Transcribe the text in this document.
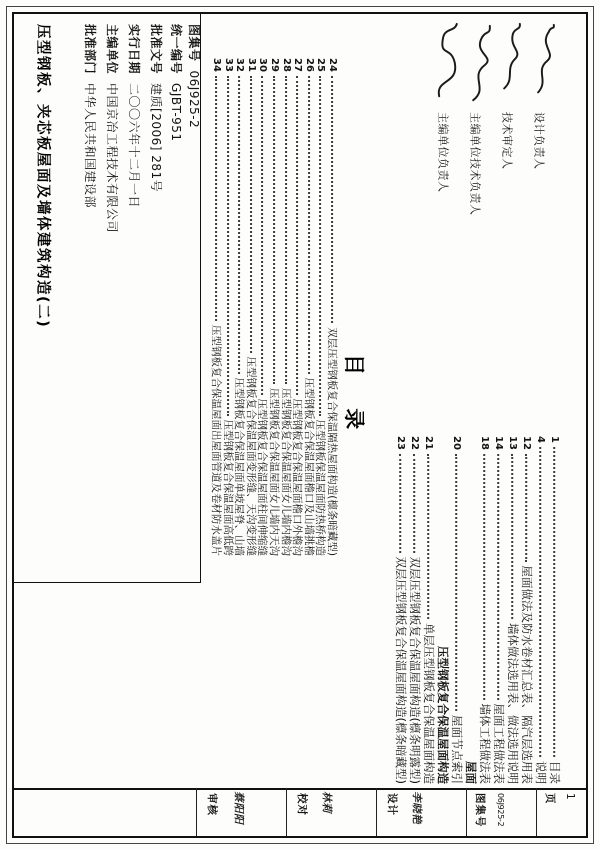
压型钢板、夹芯板屋面及墙体建筑构造(二)	批准部门中华人民共和国建设部
主编单位中国京冶工程技术有限公司
实行日期二〇〇六年十二月一日
批准文号建质[2006] 281号
统一编号GJBT-951
图集号06J925-2
主编单位负责人 主编单位技术负责人 技术审定人 设计负责人
目 录
24
双层压型钢板复合保温隔热屋面构造(檩条暗藏型)
25
压型钢板保温屋面防热桥构造
26
压型钢板复合保温屋面檐口及山墙挑檐
27
压型钢板复合保温屋面檐口外檐沟
28
压型钢板复合保温屋面女儿墙内檐沟
29
压型钢板复合保温屋面女儿墙内天沟
30
压型钢板复合保温屋面柱间伸缩缝
31
压型钢板复合保温屋面变形缝、天沟变形缝
32
压型钢板复合保温屋面单坡屋脊、山墙
33
压型钢板复合保温屋面高低跨
34
压型钢板复合保温屋面出屋面管道及卷材防水盖片	1
目录
4
说明
12
屋面做法及防水卷材汇总表、隔汽层选用表
13
墙体做法选用表、做法选用说明
14
屋面工程做法表
18
墙体工程做法表
屋面
20
屋面节点索引
压型钢板复合保温屋面构造
21
单层压型钢板复合保温屋面构造
22
双层压型钢板复合保温屋面构造(檩条明露型)
23
双层压型钢板复合保温屋面构造(檩条暗藏型)
审核 蔡阳阳	校对 林莉	设计 李晓艳	图集号 06J925-2	页 1
